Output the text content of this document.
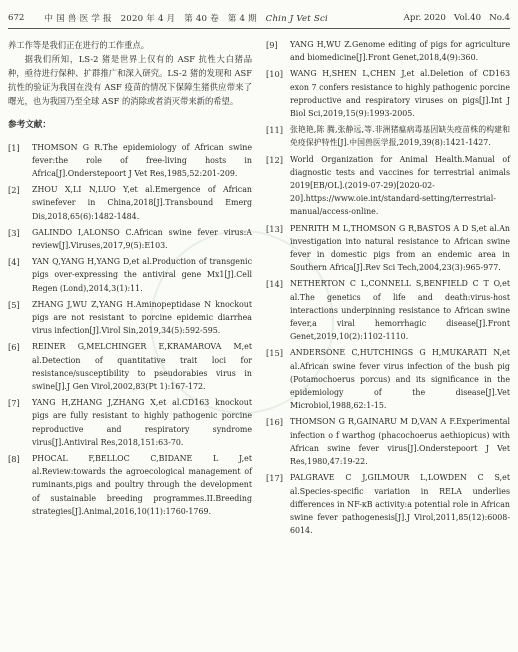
672	中 国 兽 医 学 报 2020 年 4 月 第 40 卷 第 4 期 Chin J Vet Sci	Apr. 2020 Vol.40 No.4

养工作等是我们正在进行的工作重点。

据我们所知，LS-2 猪是世界上仅有的 ASF 抗性大白猪品种，亟待进行保种、扩群推广和深入研究。LS-2 猪的发现和 ASF 抗性的验证为我国在没有 ASF 疫苗的情况下保障生猪供应带来了曙光，也为我国乃至全球 ASF 的消除或者消灭带来新的希望。

参考文献：
[1]	THOMSON G R.The epidemiology of African swine fever:the role of free-living hosts in Africa[J].Onderstepoort J Vet Res,1985,52:201-209.
[2]	ZHOU X,LI N,LUO Y,et al.Emergence of African swinefever in China,2018[J].Transbound Emerg Dis,2018,65(6):1482-1484.
[3]	GALINDO I,ALONSO C.African swine fever virus:A review[J].Viruses,2017,9(5):E103.
[4]	YAN Q,YANG H,YANG D,et al.Production of transgenic pigs over-expressing the antiviral gene Mx1[J].Cell Regen (Lond),2014,3(1):11.
[5]	ZHANG J,WU Z,YANG H.Aminopeptidase N knockout pigs are not resistant to porcine epidemic diarrhea virus infection[J].Virol Sin,2019,34(5):592-595.
[6]	REINER G,MELCHINGER E,KRAMAROVA M,et al.Detection of quantitative trait loci for resistance/susceptibility to pseudorabies virus in swine[J].J Gen Virol,2002,83(Pt 1):167-172.
[7]	YANG H,ZHANG J,ZHANG X,et al.CD163 knockout pigs are fully resistant to highly pathogenic porcine reproductive and respiratory syndrome virus[J].Antiviral Res,2018,151:63-70.
[8]	PHOCAL F,BELLOC C,BIDANE L J,et al.Review:towards the agroecological management of ruminants,pigs and poultry through the development of sustainable breeding programmes.II.Breeding strategies[J].Animal,2016,10(11):1760-1769.
[9]	YANG H,WU Z.Genome editing of pigs for agriculture and biomedicine[J].Front Genet,2018,4(9):360.
[10] WANG H,SHEN L,CHEN J,et al.Deletion of CD163 exon 7 confers resistance to highly pathogenic porcine reproductive and respiratory viruses on pigs[J].Int J Biol Sci,2019,15(9):1993-2005.
[11] 张艳艳,陈 腾,张静远,等.非洲猪瘟病毒基因缺失疫苗株的构建和免疫保护特性[J].中国兽医学报,2019,39(8):1421-1427.
[12] World Organization for Animal Health.Manual of diagnostic tests and vaccines for terrestrial animals 2019[EB/OL].(2019-07-29)[2020-02-20].https://www.oie.int/standard-setting/terrestrial-manual/access-online.
[13] PENRITH M L,THOMSON G R,BASTOS A D S,et al.An investigation into natural resistance to African swine fever in domestic pigs from an endemic area in Southern Africa[J].Rev Sci Tech,2004,23(3):965-977.
[14] NETHERTON C L,CONNELL S,BENFIELD C T O,et al.The genetics of life and death:virus-host interactions underpinning resistance to African swine fever,a viral hemorrhagic disease[J].Front Genet,2019,10(2):1102-1110.
[15] ANDERSONE C,HUTCHINGS G H,MUKARATI N,et al.African swine fever virus infection of the bush pig (Potamochoerus porcus) and its significance in the epidemiology of the disease[J].Vet Microbiol,1988,62:1-15.
[16] THOMSON G R,GAINARU M D,VAN A F.Experimental infection o f warthog (phacochoerus aethiopicus) with African swine fever virus[J].Onderstepoort J Vet Res,1980,47:19-22.
[17] PALGRAVE C J,GILMOUR L,LOWDEN C S,et al.Species-specific variation in RELA underlies differences in NF-κB activity:a potential role in African swine fever pathogenesis[J].J Virol,2011,85(12):6008-6014.
